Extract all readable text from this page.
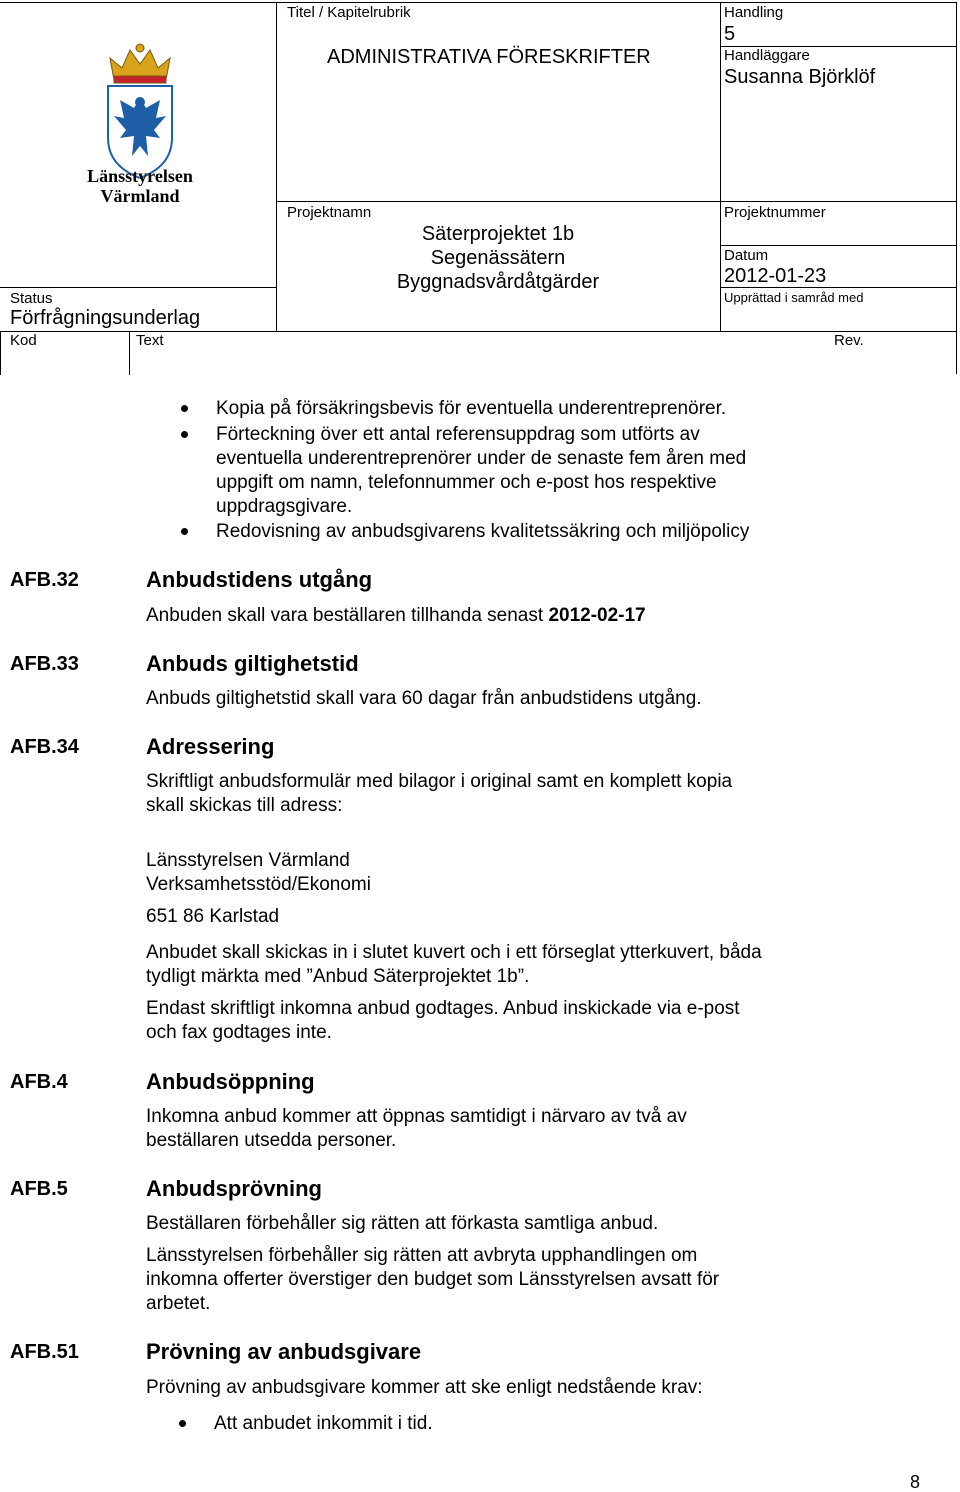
Länsstyrelsen
Värmland
Titel / Kapitelrubrik
ADMINISTRATIVA FÖRESKRIFTER
Handling
5
Handläggare
Susanna Björklöf
Projektnamn
Säterprojektet 1b
Segenässätern
Byggnadsvårdåtgärder
Projektnummer
Datum
2012-01-23
Upprättad i samråd med
Status
Förfrågningsunderlag
Kod	Text	Rev.
Kopia på försäkringsbevis för eventuella underentreprenörer.
Förteckning över ett antal referensuppdrag som utförts av
eventuella underentreprenörer under de senaste fem åren med
uppgift om namn, telefonnummer och e-post hos respektive
uppdragsgivare.
Redovisning av anbudsgivarens kvalitetssäkring och miljöpolicy
AFB.32	Anbudstidens utgång
Anbuden skall vara beställaren tillhanda senast 2012-02-17
AFB.33	Anbuds giltighetstid
Anbuds giltighetstid skall vara 60 dagar från anbudstidens utgång.
AFB.34	Adressering
Skriftligt anbudsformulär med bilagor i original samt en komplett kopia
skall skickas till adress:
Länsstyrelsen Värmland
Verksamhetsstöd/Ekonomi
651 86 Karlstad
Anbudet skall skickas in i slutet kuvert och i ett förseglat ytterkuvert, båda
tydligt märkta med ”Anbud Säterprojektet 1b”.
Endast skriftligt inkomna anbud godtages. Anbud inskickade via e-post
och fax godtages inte.
AFB.4	Anbudsöppning
Inkomna anbud kommer att öppnas samtidigt i närvaro av två av
beställaren utsedda personer.
AFB.5	Anbudsprövning
Beställaren förbehåller sig rätten att förkasta samtliga anbud.
Länsstyrelsen förbehåller sig rätten att avbryta upphandlingen om
inkomna offerter överstiger den budget som Länsstyrelsen avsatt för
arbetet.
AFB.51	Prövning av anbudsgivare
Prövning av anbudsgivare kommer att ske enligt nedstående krav:
Att anbudet inkommit i tid.
8
